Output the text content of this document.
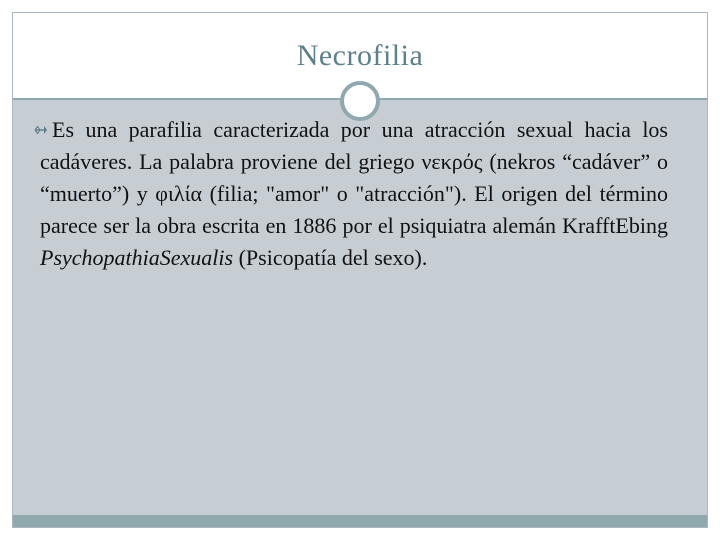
Necrofilia
Es una parafilia caracterizada por una atracción sexual hacia los cadáveres. La palabra proviene del griego νεκρός (nekros “cadáver” o “muerto”) y φιλία (filia; "amor" o "atracción"). El origen del término parece ser la obra escrita en 1886 por el psiquiatra alemán KrafftEbing PsychopathiaSexualis (Psicopatía del sexo).
